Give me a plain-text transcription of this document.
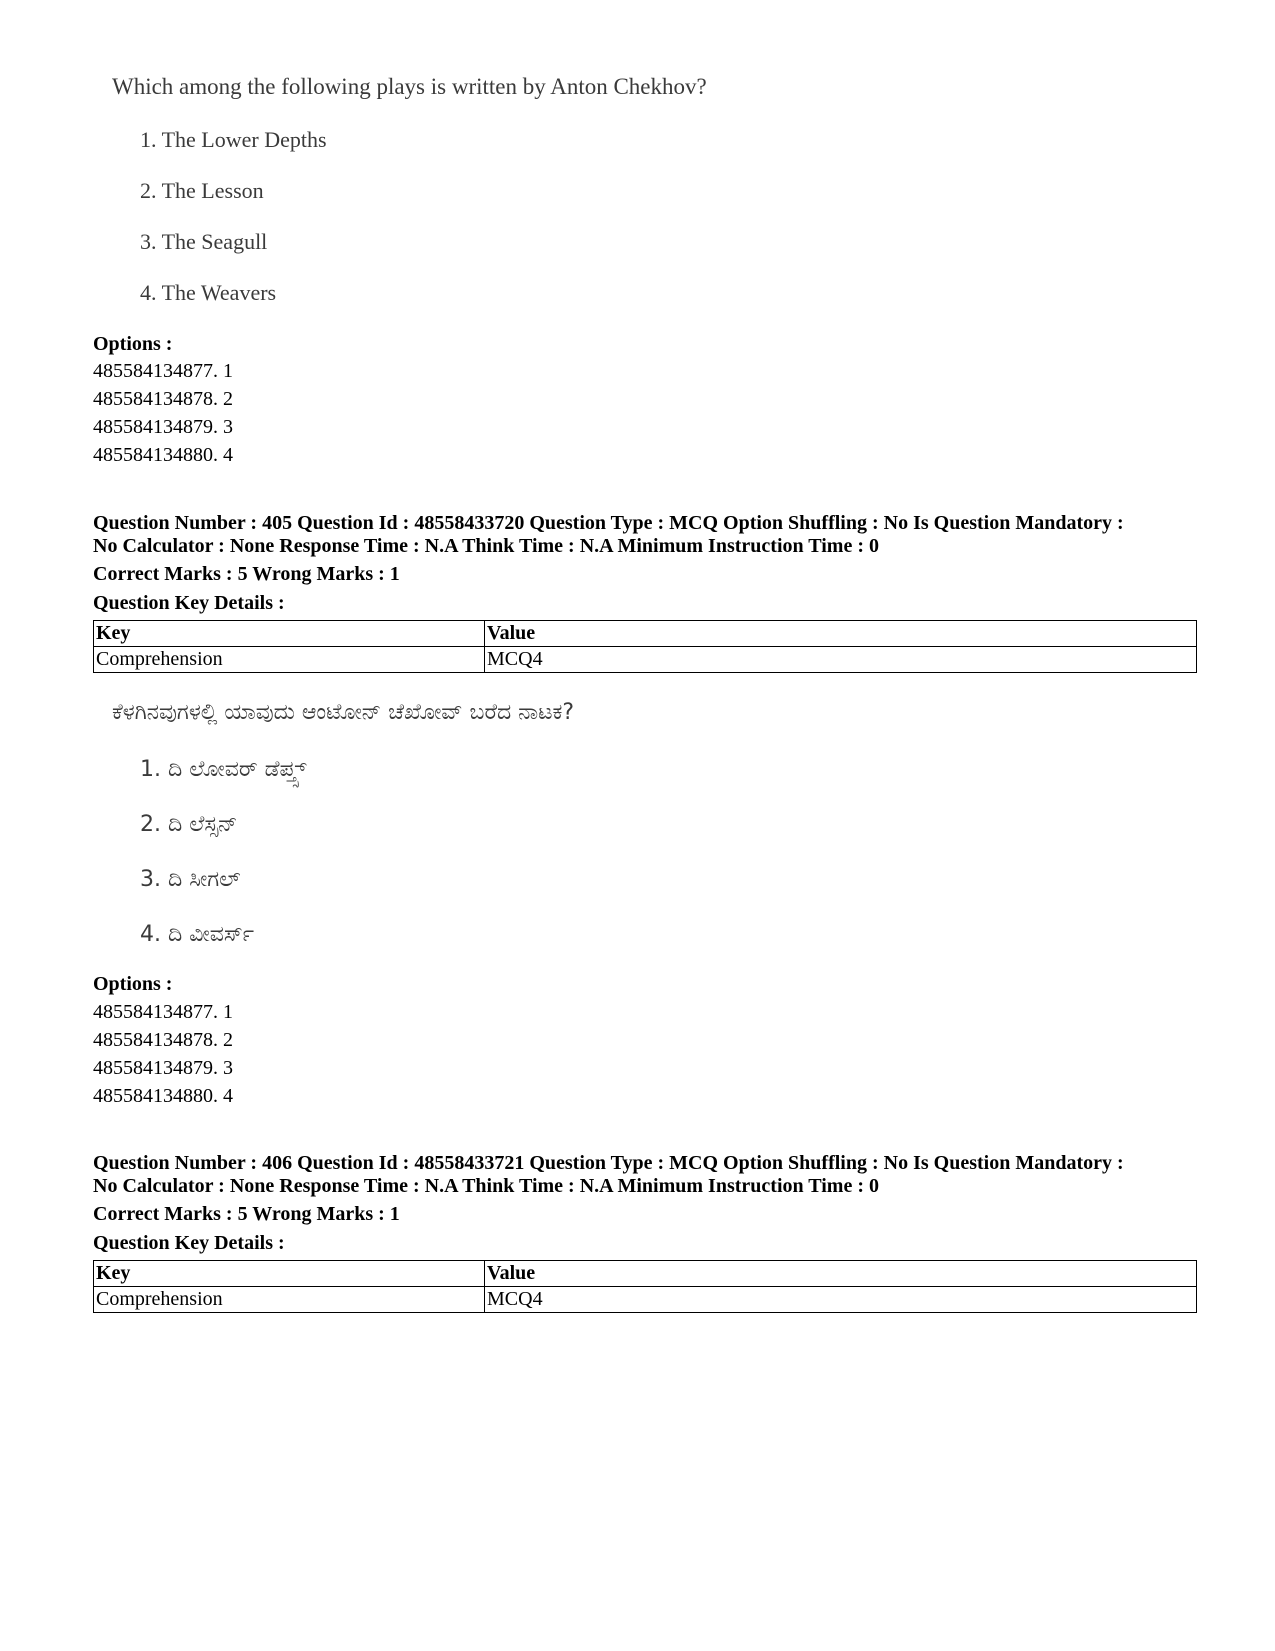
Which among the following plays is written by Anton Chekhov?
1. The Lower Depths
2. The Lesson
3. The Seagull
4. The Weavers
Options :
485584134877. 1
485584134878. 2
485584134879. 3
485584134880. 4
Question Number : 405 Question Id : 48558433720 Question Type : MCQ Option Shuffling : No Is Question Mandatory :
No Calculator : None Response Time : N.A Think Time : N.A Minimum Instruction Time : 0
Correct Marks : 5 Wrong Marks : 1
Question Key Details :
Key	Value
Comprehension	MCQ4
ಕೆಳಗಿನವುಗಳಲ್ಲಿ ಯಾವುದು ಆಂಟೋನ್ ಚೆಖೋವ್ ಬರೆದ ನಾಟಕ?
1. ದಿ ಲೋವರ್ ಡೆಪ್ತ್ಸ್
2. ದಿ ಲೆಸ್ಸನ್
3. ದಿ ಸೀಗಲ್
4. ದಿ ವೀವರ್ಸ್
Options :
485584134877. 1
485584134878. 2
485584134879. 3
485584134880. 4
Question Number : 406 Question Id : 48558433721 Question Type : MCQ Option Shuffling : No Is Question Mandatory :
No Calculator : None Response Time : N.A Think Time : N.A Minimum Instruction Time : 0
Correct Marks : 5 Wrong Marks : 1
Question Key Details :
Key	Value
Comprehension	MCQ4
